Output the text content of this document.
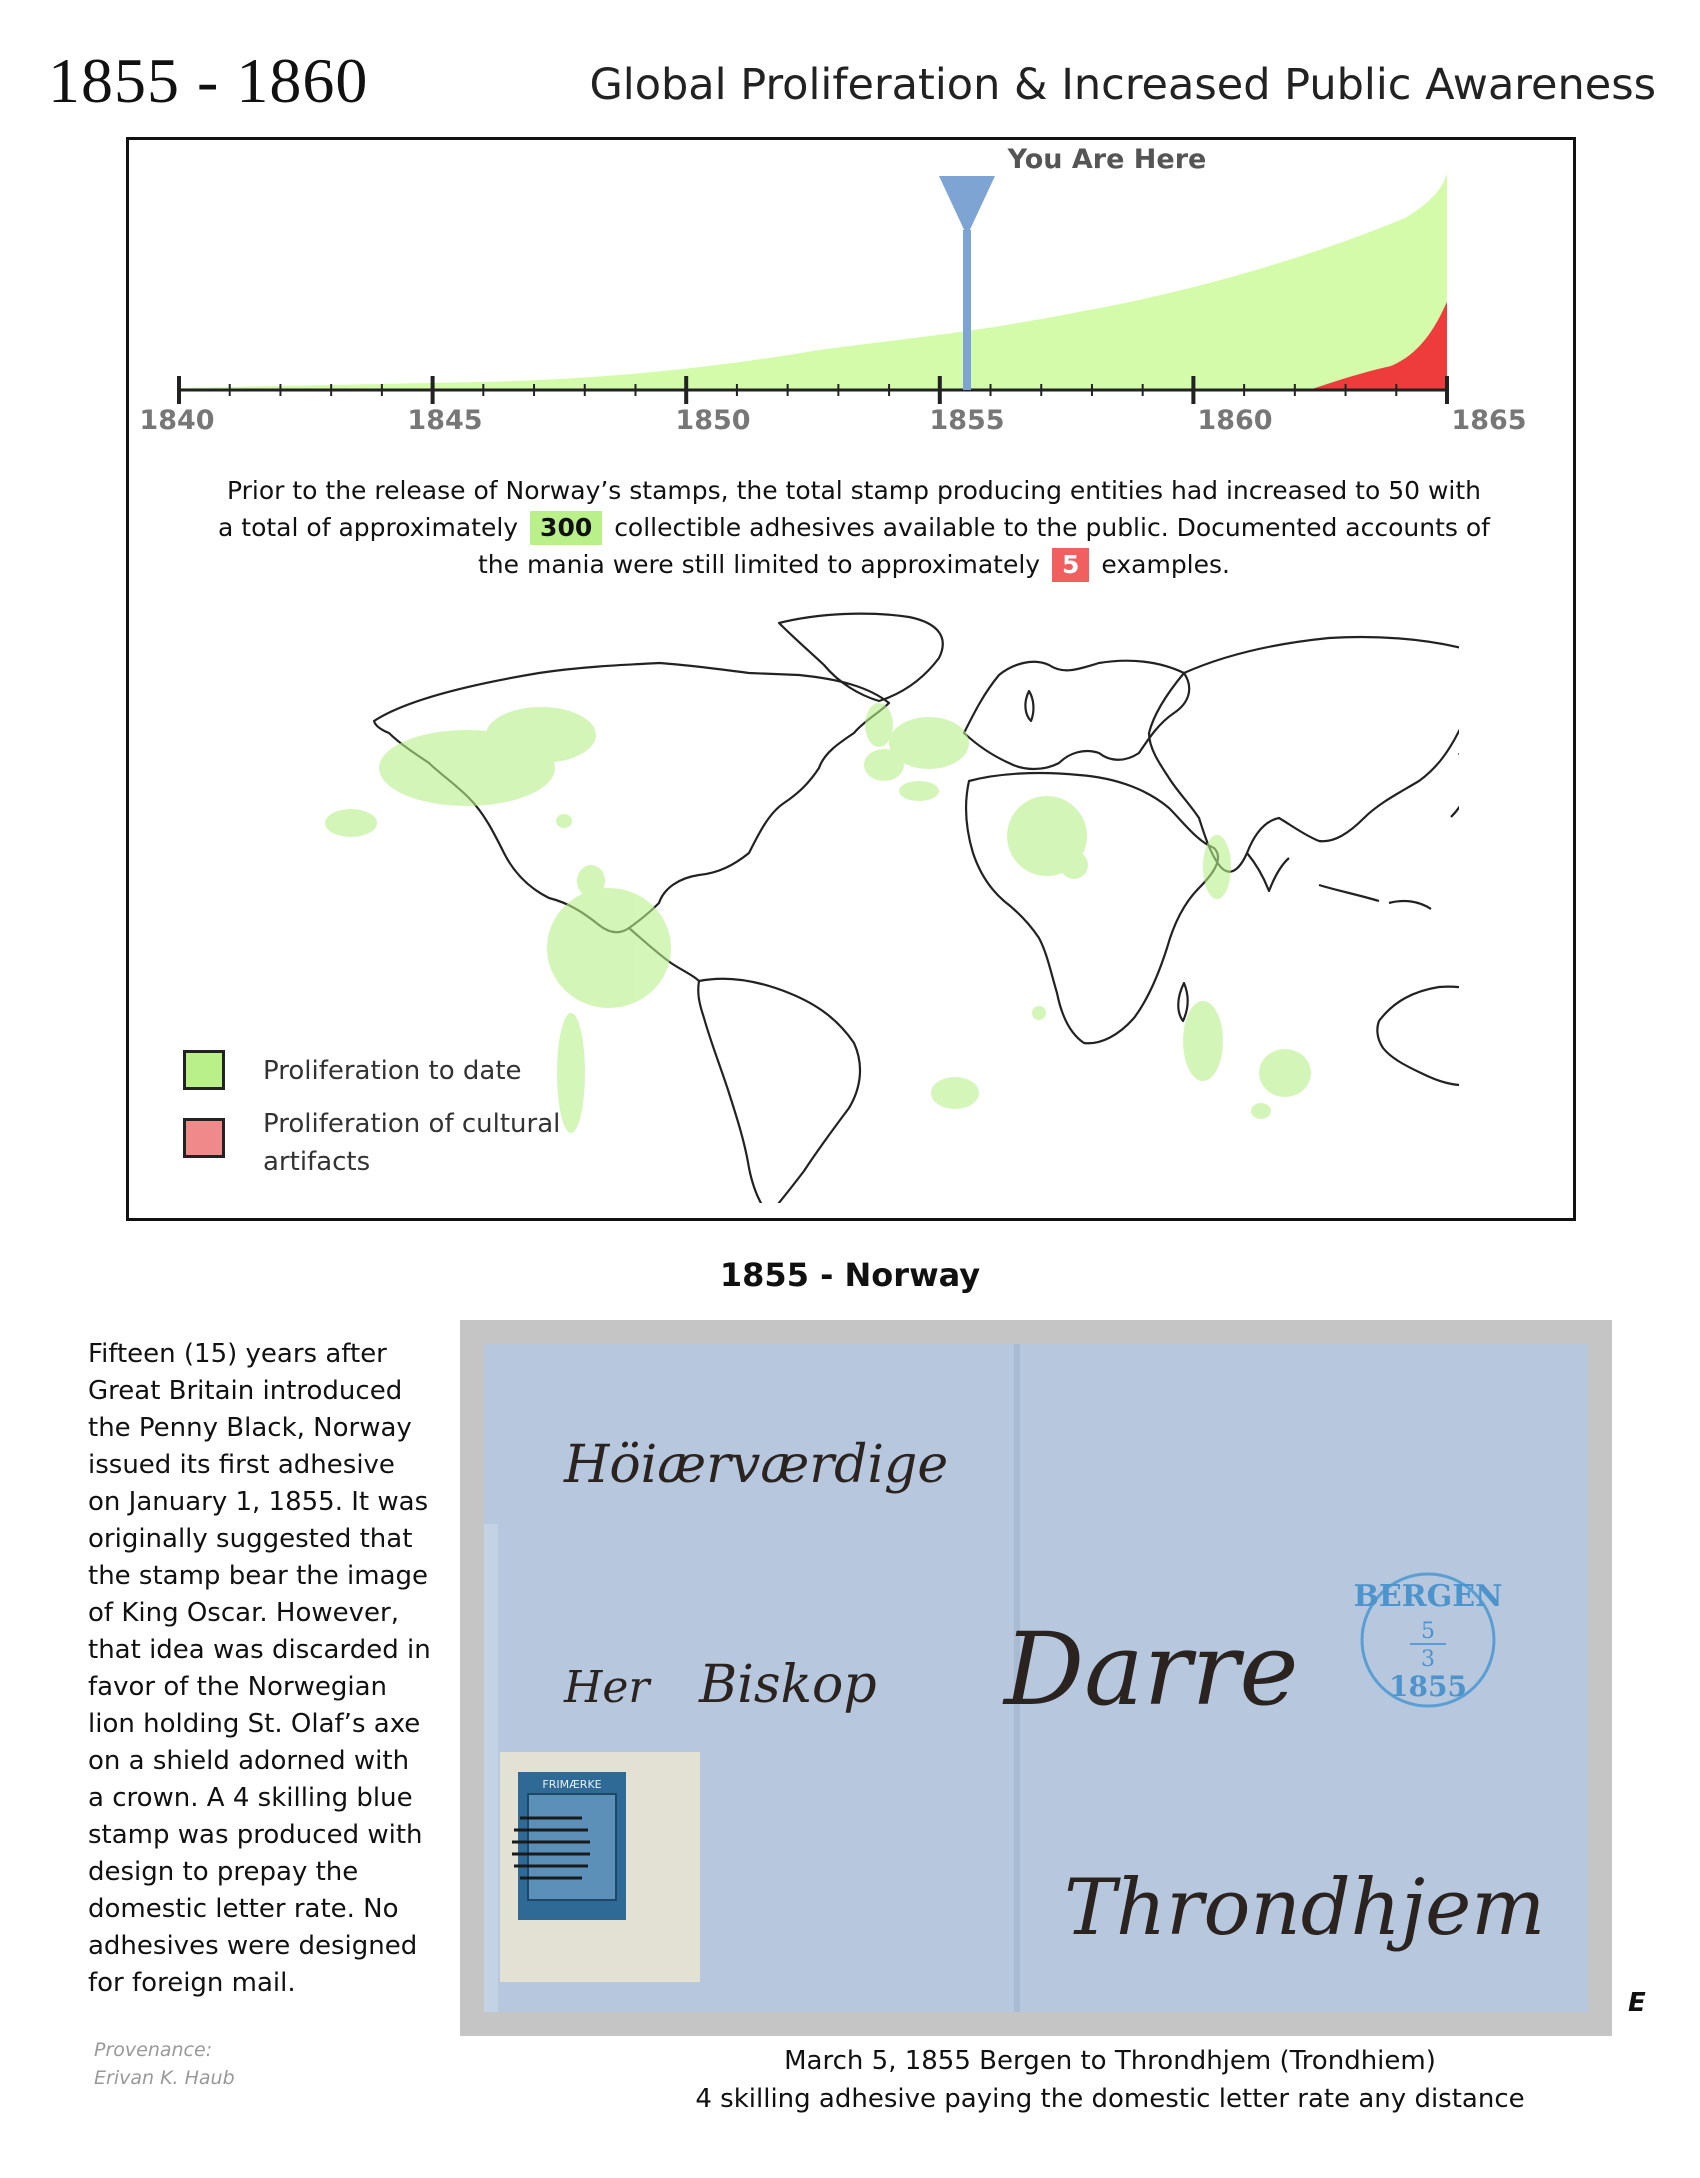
1855 - 1860	Global Proliferation & Increased Public Awareness
You Are Here
1840	1845	1850	1855	1860	1865
Prior to the release of Norway’s stamps, the total stamp producing entities had increased to 50 with
a total of approximately 300 collectible adhesives available to the public. Documented accounts of
the mania were still limited to approximately 5 examples.
Proliferation to date
Proliferation of cultural artifacts
1855 - Norway
Fifteen (15) years after Great Britain introduced the Penny Black, Norway issued its first adhesive on January 1, 1855. It was originally suggested that the stamp bear the image of King Oscar. However, that idea was discarded in favor of the Norwegian lion holding St. Olaf’s axe on a shield adorned with a crown. A 4 skilling blue stamp was produced with design to prepay the domestic letter rate. No adhesives were designed for foreign mail.
Provenance:
Erivan K. Haub
Höiærværdige
Her Biskop Darre
Throndhjem
BERGEN
5
3
1855
FRIMÆRKE
E
March 5, 1855 Bergen to Throndhjem (Trondhiem)
4 skilling adhesive paying the domestic letter rate any distance
